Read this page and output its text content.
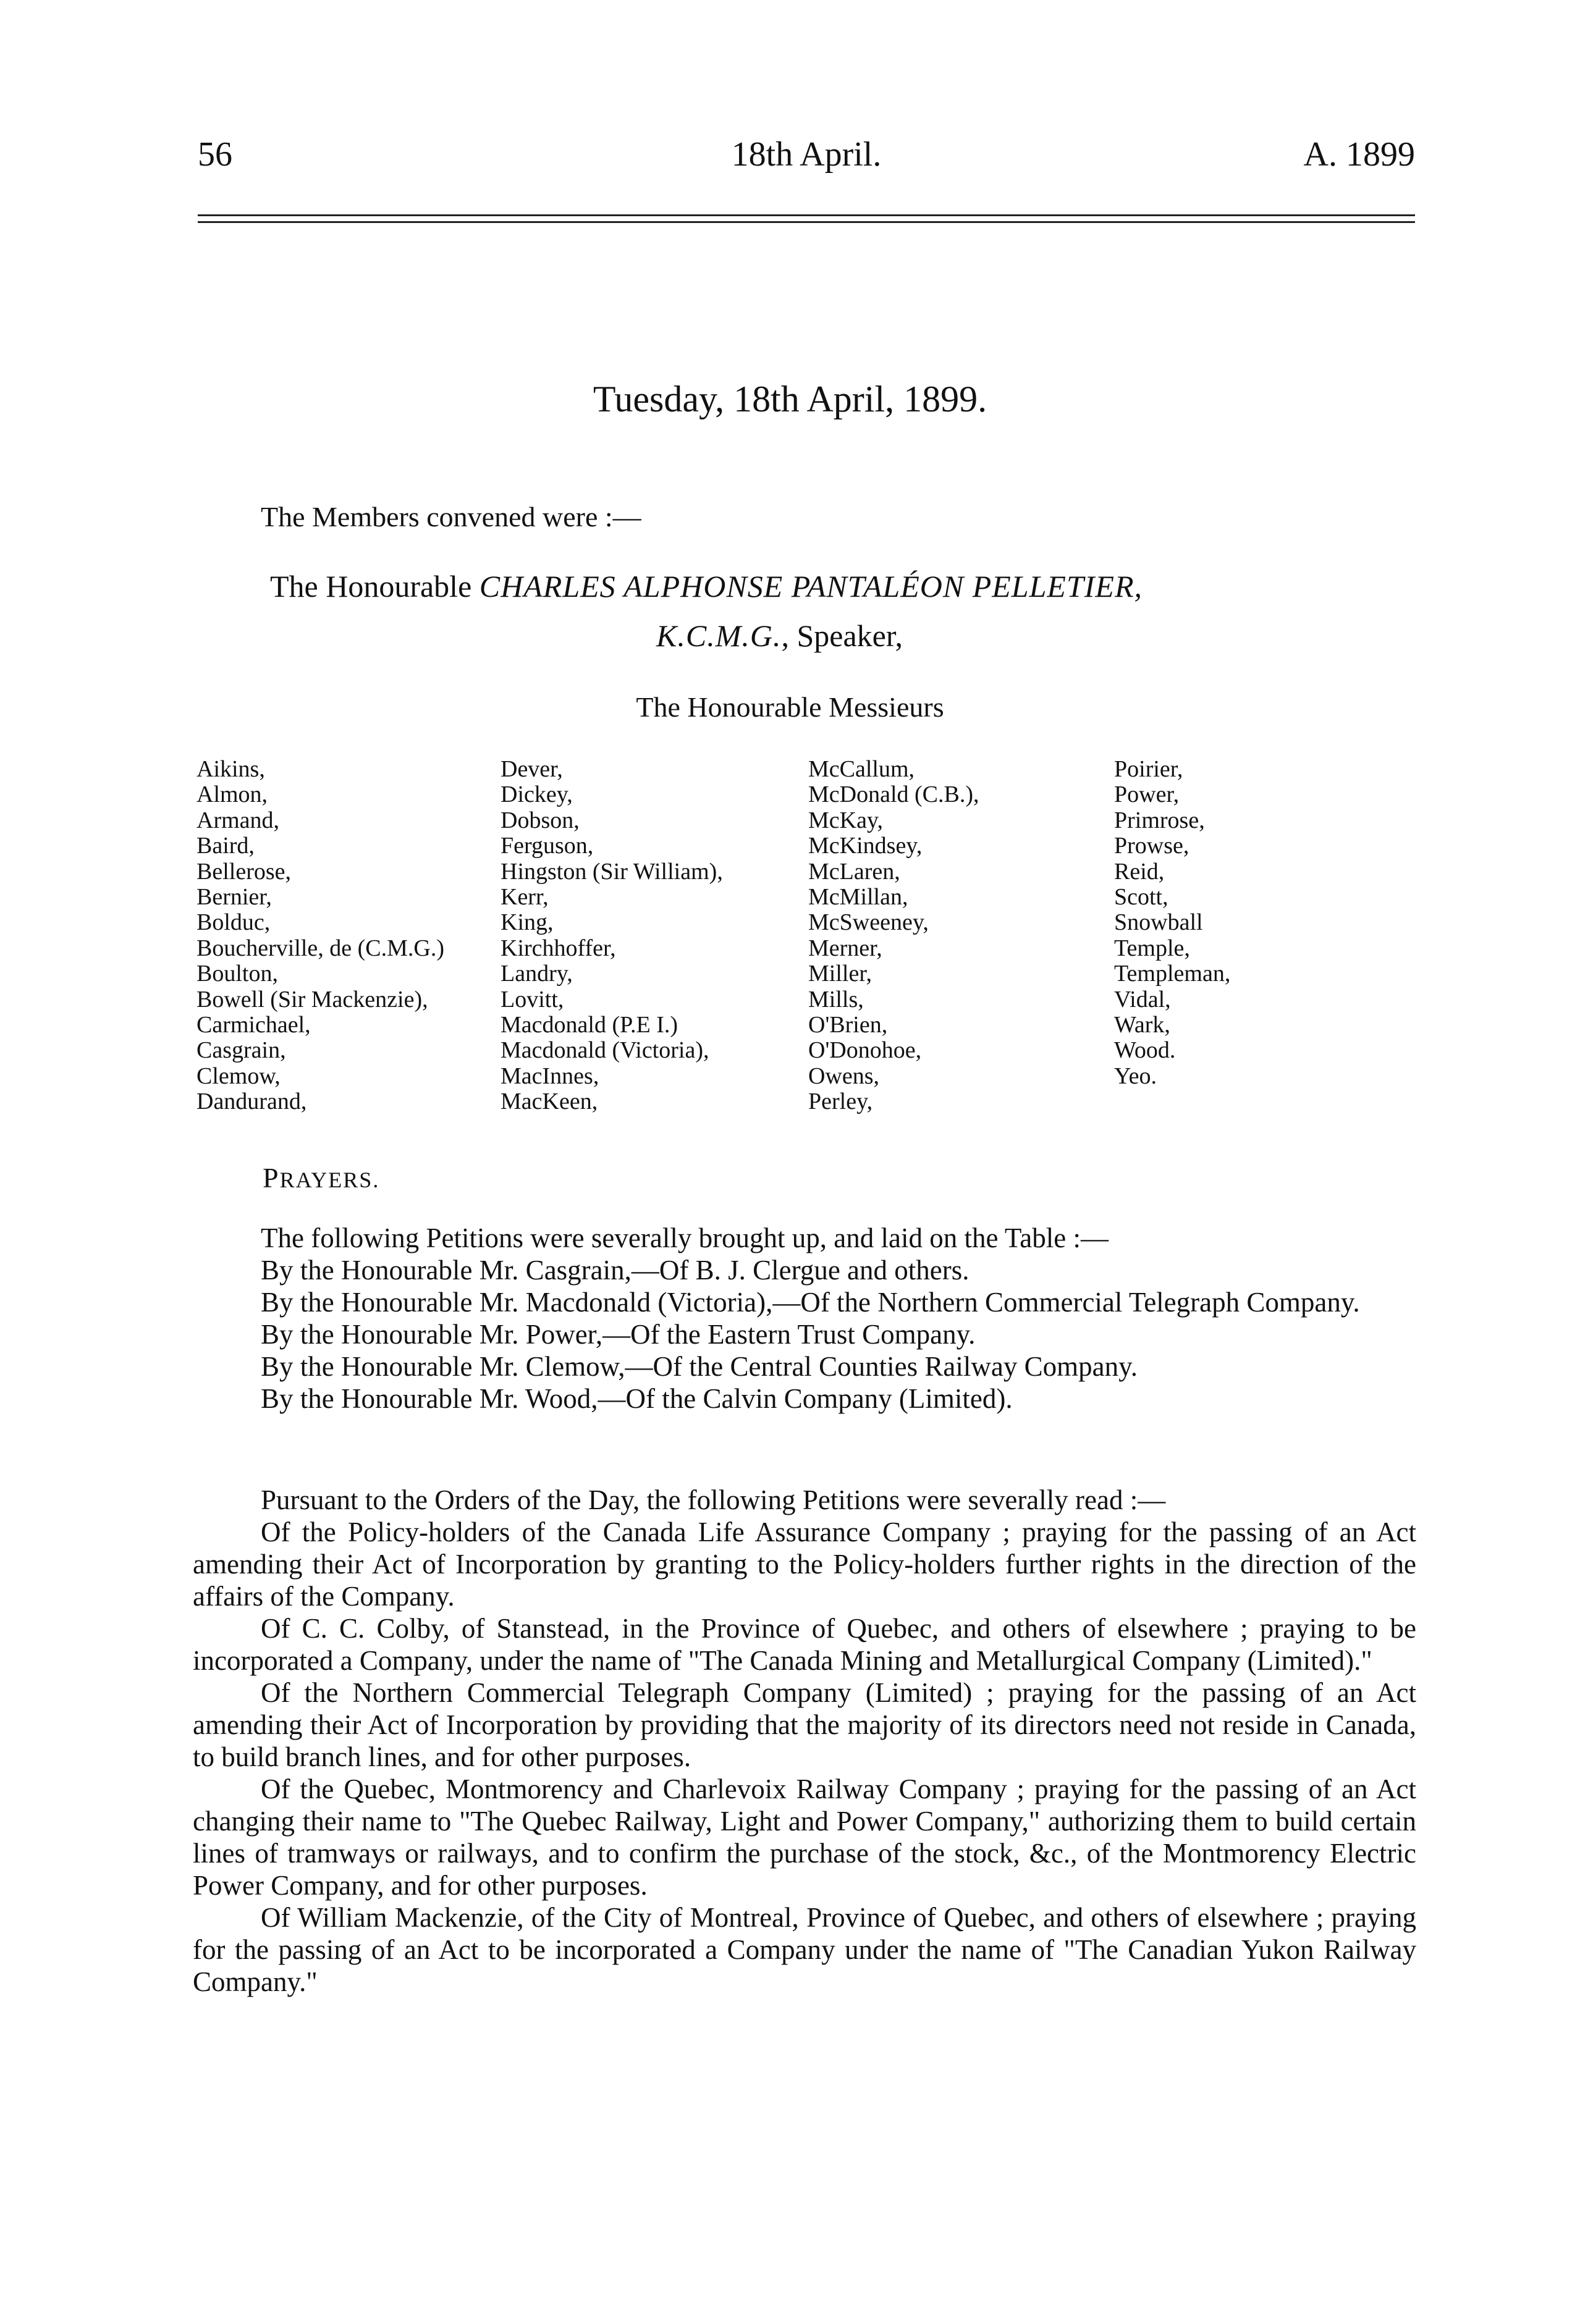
56	18th April.	A. 1899
Tuesday, 18th April, 1899.
The Members convened were :—
The Honourable CHARLES ALPHONSE PANTALÉON PELLETIER,
K.C.M.G., Speaker,
The Honourable Messieurs
Aikins,
Almon,
Armand,
Baird,
Bellerose,
Bernier,
Bolduc,
Boucherville, de (C.M.G.)
Boulton,
Bowell (Sir Mackenzie),
Carmichael,
Casgrain,
Clemow,
Dandurand,
Dever,
Dickey,
Dobson,
Ferguson,
Hingston (Sir William),
Kerr,
King,
Kirchhoffer,
Landry,
Lovitt,
Macdonald (P.E I.)
Macdonald (Victoria),
MacInnes,
MacKeen,
McCallum,
McDonald (C.B.),
McKay,
McKindsey,
McLaren,
McMillan,
McSweeney,
Merner,
Miller,
Mills,
O'Brien,
O'Donohoe,
Owens,
Perley,
Poirier,
Power,
Primrose,
Prowse,
Reid,
Scott,
Snowball
Temple,
Templeman,
Vidal,
Wark,
Wood.
Yeo.
PRAYERS.
The following Petitions were severally brought up, and laid on the Table :—
By the Honourable Mr. Casgrain,—Of B. J. Clergue and others.
By the Honourable Mr. Macdonald (Victoria),—Of the Northern Commercial Telegraph Company.
By the Honourable Mr. Power,—Of the Eastern Trust Company.
By the Honourable Mr. Clemow,—Of the Central Counties Railway Company.
By the Honourable Mr. Wood,—Of the Calvin Company (Limited).
Pursuant to the Orders of the Day, the following Petitions were severally read :—
Of the Policy-holders of the Canada Life Assurance Company ; praying for the passing of an Act amending their Act of Incorporation by granting to the Policy-holders further rights in the direction of the affairs of the Company.
Of C. C. Colby, of Stanstead, in the Province of Quebec, and others of elsewhere ; praying to be incorporated a Company, under the name of "The Canada Mining and Metallurgical Company (Limited)."
Of the Northern Commercial Telegraph Company (Limited) ; praying for the passing of an Act amending their Act of Incorporation by providing that the majority of its directors need not reside in Canada, to build branch lines, and for other purposes.
Of the Quebec, Montmorency and Charlevoix Railway Company ; praying for the passing of an Act changing their name to "The Quebec Railway, Light and Power Company," authorizing them to build certain lines of tramways or railways, and to confirm the purchase of the stock, &c., of the Montmorency Electric Power Company, and for other purposes.
Of William Mackenzie, of the City of Montreal, Province of Quebec, and others of elsewhere ; praying for the passing of an Act to be incorporated a Company under the name of "The Canadian Yukon Railway Company."
